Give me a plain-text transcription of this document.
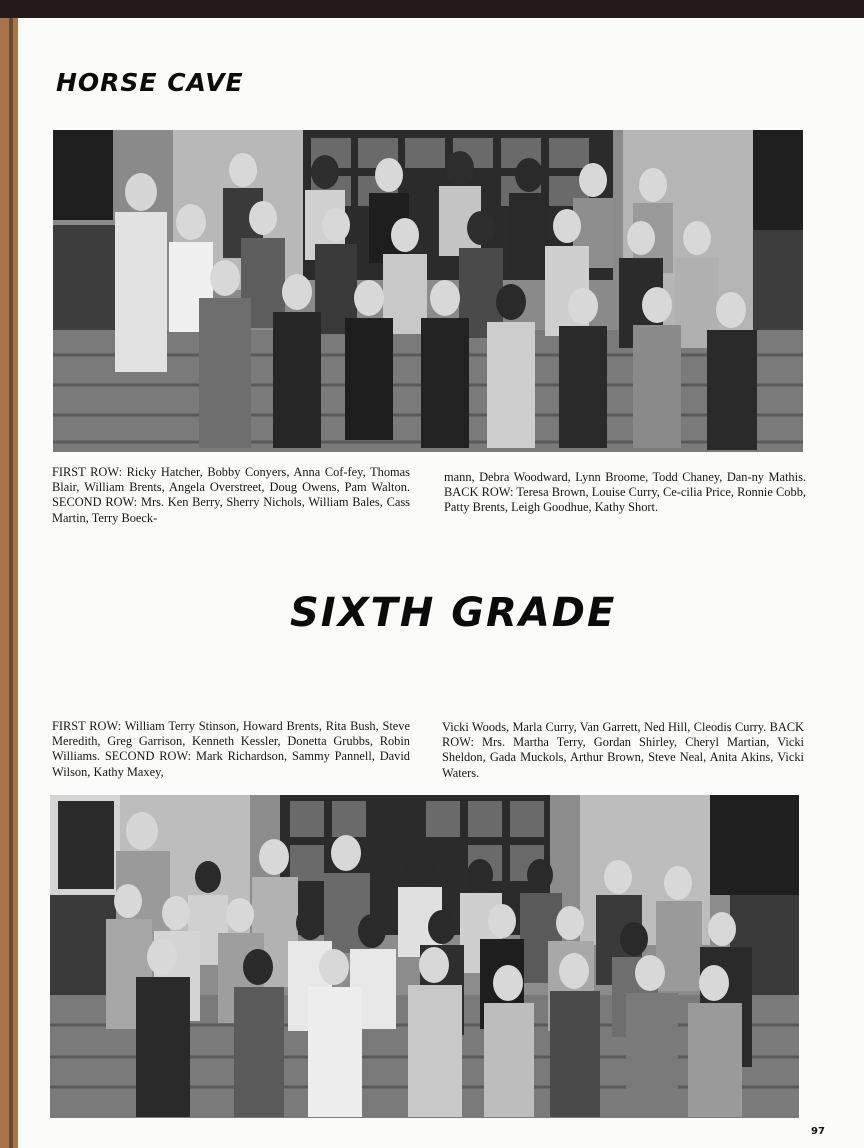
HORSE CAVE

FIRST ROW: Ricky Hatcher, Bobby Conyers, Anna Cof-fey, Thomas Blair, William Brents, Angela Overstreet, Doug Owens, Pam Walton. SECOND ROW: Mrs. Ken Berry, Sherry Nichols, William Bales, Cass Martin, Terry Boeck-

mann, Debra Woodward, Lynn Broome, Todd Chaney, Dan-ny Mathis. BACK ROW: Teresa Brown, Louise Curry, Ce-cilia Price, Ronnie Cobb, Patty Brents, Leigh Goodhue, Kathy Short.

SIXTH GRADE

FIRST ROW: William Terry Stinson, Howard Brents, Rita Bush, Steve Meredith, Greg Garrison, Kenneth Kessler, Donetta Grubbs, Robin Williams. SECOND ROW: Mark Richardson, Sammy Pannell, David Wilson, Kathy Maxey,

Vicki Woods, Marla Curry, Van Garrett, Ned Hill, Cleodis Curry. BACK ROW: Mrs. Martha Terry, Gordan Shirley, Cheryl Martian, Vicki Sheldon, Gada Muckols, Arthur Brown, Steve Neal, Anita Akins, Vicki Waters.

97
